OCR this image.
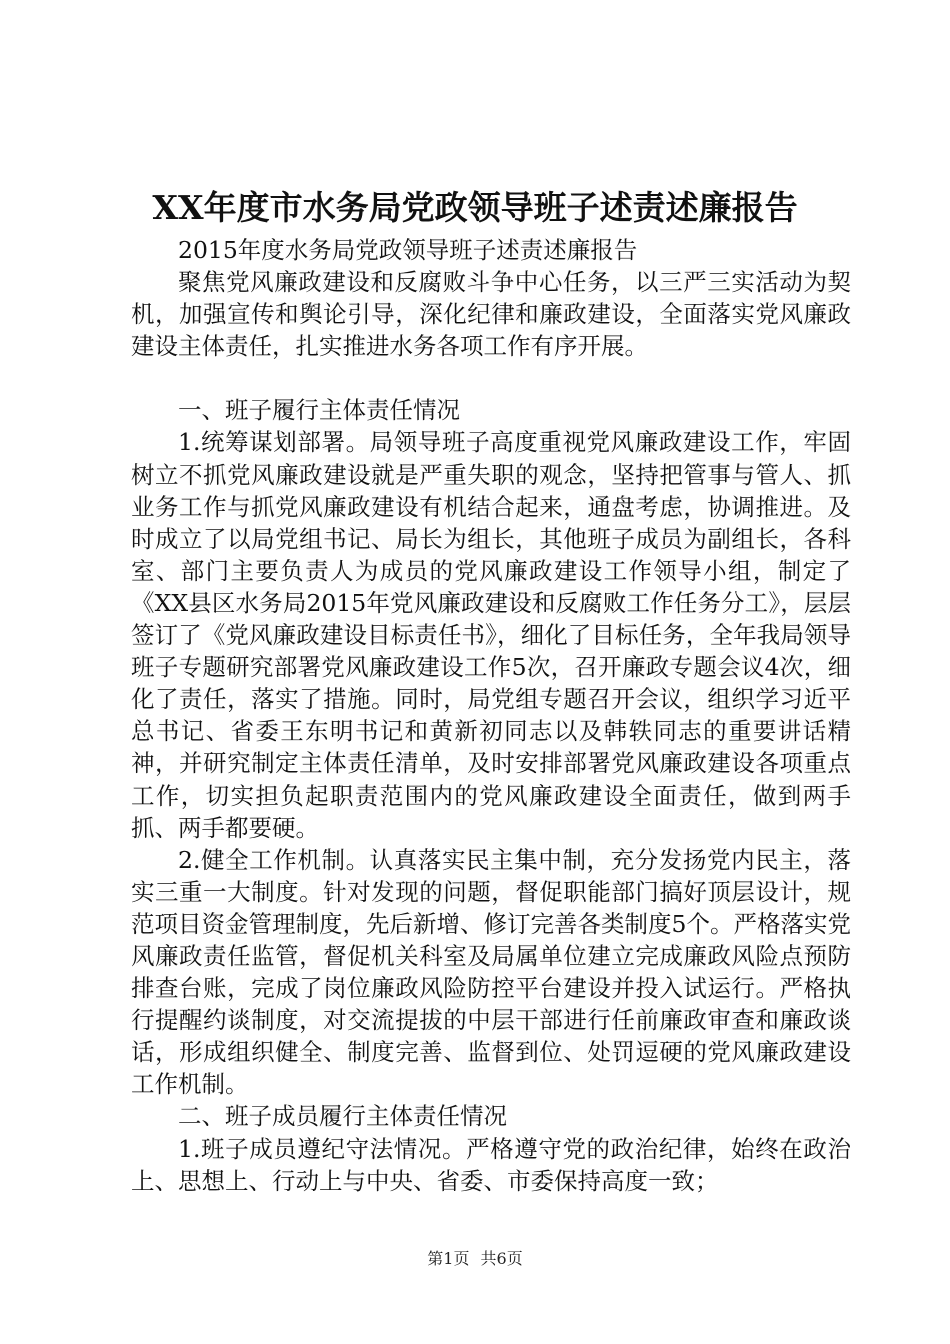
XX年度市水务局党政领导班子述责述廉报告

2015年度水务局党政领导班子述责述廉报告

聚焦党风廉政建设和反腐败斗争中心任务，以三严三实活动为契机，加强宣传和舆论引导，深化纪律和廉政建设，全面落实党风廉政建设主体责任，扎实推进水务各项工作有序开展。

一、班子履行主体责任情况

1.统筹谋划部署。局领导班子高度重视党风廉政建设工作，牢固树立不抓党风廉政建设就是严重失职的观念，坚持把管事与管人、抓业务工作与抓党风廉政建设有机结合起来，通盘考虑，协调推进。及时成立了以局党组书记、局长为组长，其他班子成员为副组长，各科室、部门主要负责人为成员的党风廉政建设工作领导小组，制定了《XX县区水务局2015年党风廉政建设和反腐败工作任务分工》，层层签订了《党风廉政建设目标责任书》，细化了目标任务，全年我局领导班子专题研究部署党风廉政建设工作5次，召开廉政专题会议4次，细化了责任，落实了措施。同时，局党组专题召开会议，组织学习近平总书记、省委王东明书记和黄新初同志以及韩轶同志的重要讲话精神，并研究制定主体责任清单，及时安排部署党风廉政建设各项重点工作，切实担负起职责范围内的党风廉政建设全面责任，做到两手抓、两手都要硬。

2.健全工作机制。认真落实民主集中制，充分发扬党内民主，落实三重一大制度。针对发现的问题，督促职能部门搞好顶层设计，规范项目资金管理制度，先后新增、修订完善各类制度5个。严格落实党风廉政责任监管，督促机关科室及局属单位建立完成廉政风险点预防排查台账，完成了岗位廉政风险防控平台建设并投入试运行。严格执行提醒约谈制度，对交流提拔的中层干部进行任前廉政审查和廉政谈话，形成组织健全、制度完善、监督到位、处罚逗硬的党风廉政建设工作机制。

二、班子成员履行主体责任情况

1.班子成员遵纪守法情况。严格遵守党的政治纪律，始终在政治上、思想上、行动上与中央、省委、市委保持高度一致；

第1页 共6页
